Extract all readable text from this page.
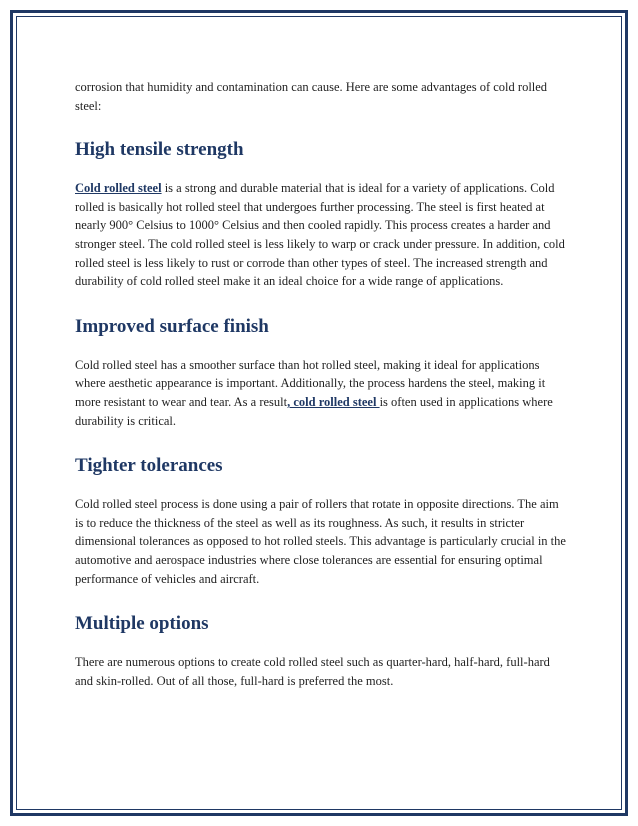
corrosion that humidity and contamination can cause. Here are some advantages of cold rolled steel:

High tensile strength

Cold rolled steel is a strong and durable material that is ideal for a variety of applications. Cold rolled is basically hot rolled steel that undergoes further processing. The steel is first heated at nearly 900° Celsius to 1000° Celsius and then cooled rapidly. This process creates a harder and stronger steel. The cold rolled steel is less likely to warp or crack under pressure. In addition, cold rolled steel is less likely to rust or corrode than other types of steel. The increased strength and durability of cold rolled steel make it an ideal choice for a wide range of applications.

Improved surface finish

Cold rolled steel has a smoother surface than hot rolled steel, making it ideal for applications where aesthetic appearance is important. Additionally, the process hardens the steel, making it more resistant to wear and tear. As a result, cold rolled steel is often used in applications where durability is critical.

Tighter tolerances

Cold rolled steel process is done using a pair of rollers that rotate in opposite directions. The aim is to reduce the thickness of the steel as well as its roughness. As such, it results in stricter dimensional tolerances as opposed to hot rolled steels. This advantage is particularly crucial in the automotive and aerospace industries where close tolerances are essential for ensuring optimal performance of vehicles and aircraft.

Multiple options

There are numerous options to create cold rolled steel such as quarter-hard, half-hard, full-hard and skin-rolled. Out of all those, full-hard is preferred the most.
